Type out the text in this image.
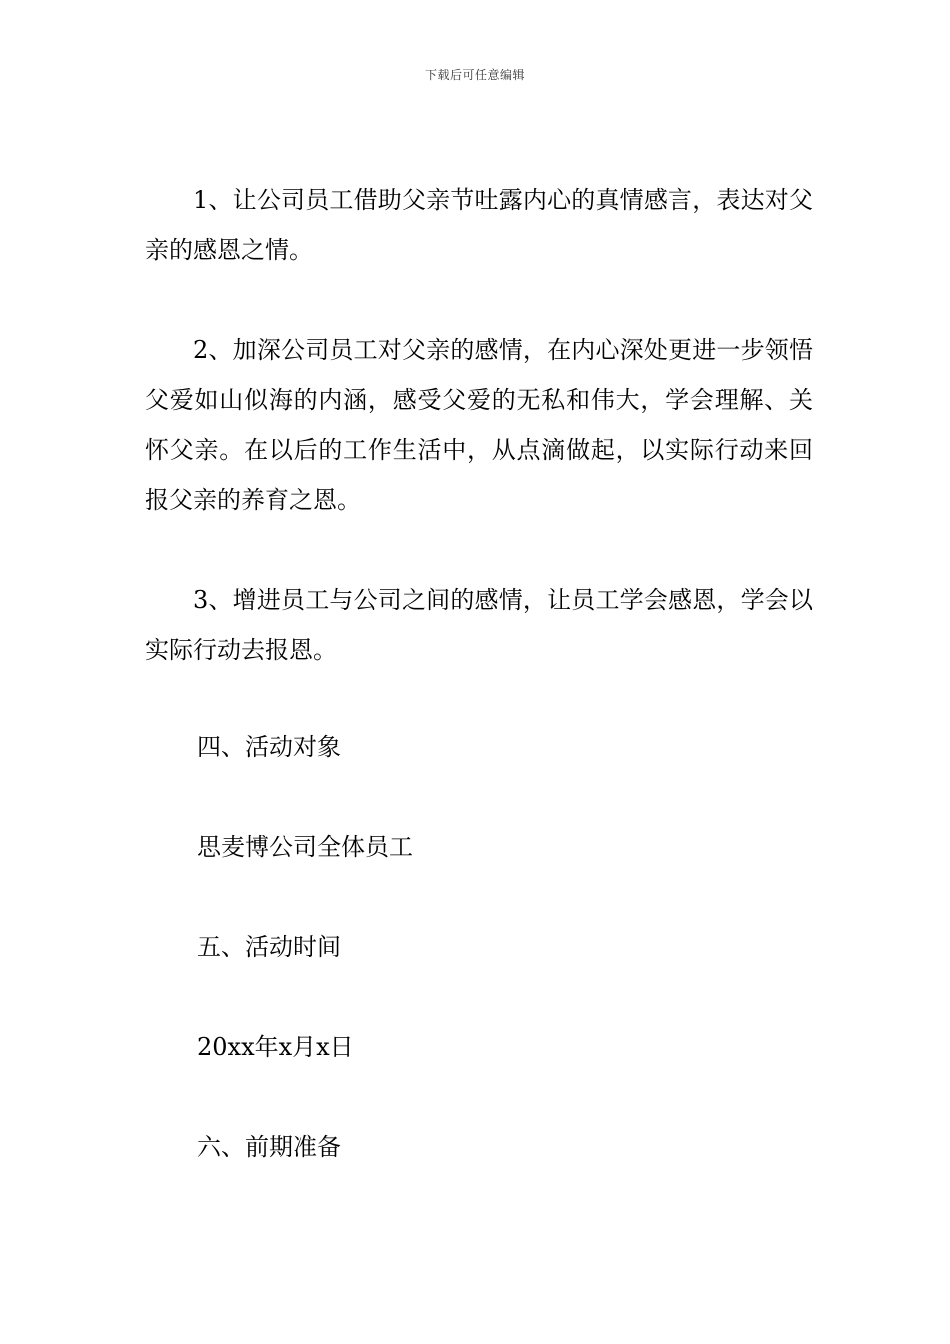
下载后可任意编辑

1、让公司员工借助父亲节吐露内心的真情感言，表达对父亲的感恩之情。

2、加深公司员工对父亲的感情，在内心深处更进一步领悟父爱如山似海的内涵，感受父爱的无私和伟大，学会理解、关怀父亲。在以后的工作生活中，从点滴做起，以实际行动来回报父亲的养育之恩。

3、增进员工与公司之间的感情，让员工学会感恩，学会以实际行动去报恩。

四、活动对象

思麦博公司全体员工

五、活动时间

20xx年x月x日

六、前期准备
